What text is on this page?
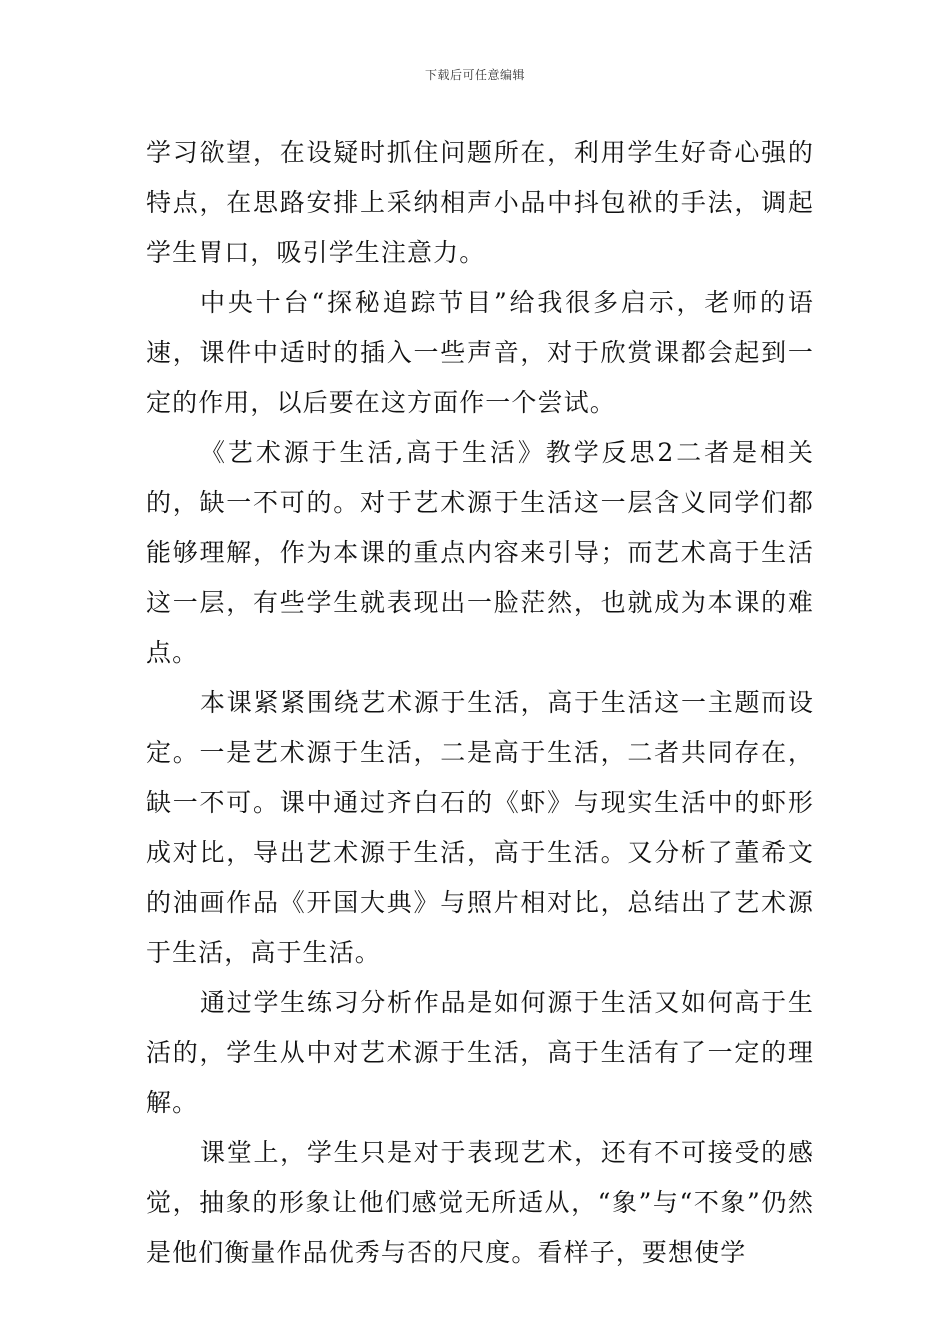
下载后可任意编辑

学习欲望，在设疑时抓住问题所在，利用学生好奇心强的特点，在思路安排上采纳相声小品中抖包袱的手法，调起学生胃口，吸引学生注意力。

中央十台“探秘追踪节目”给我很多启示，老师的语速，课件中适时的插入一些声音，对于欣赏课都会起到一定的作用，以后要在这方面作一个尝试。

《艺术源于生活,高于生活》教学反思2二者是相关的，缺一不可的。对于艺术源于生活这一层含义同学们都能够理解，作为本课的重点内容来引导；而艺术高于生活这一层，有些学生就表现出一脸茫然，也就成为本课的难点。

本课紧紧围绕艺术源于生活，高于生活这一主题而设定。一是艺术源于生活，二是高于生活，二者共同存在，缺一不可。课中通过齐白石的《虾》与现实生活中的虾形成对比，导出艺术源于生活，高于生活。又分析了董希文的油画作品《开国大典》与照片相对比，总结出了艺术源于生活，高于生活。

通过学生练习分析作品是如何源于生活又如何高于生活的，学生从中对艺术源于生活，高于生活有了一定的理解。

课堂上，学生只是对于表现艺术，还有不可接受的感觉，抽象的形象让他们感觉无所适从，“象”与“不象”仍然是他们衡量作品优秀与否的尺度。看样子，要想使学
